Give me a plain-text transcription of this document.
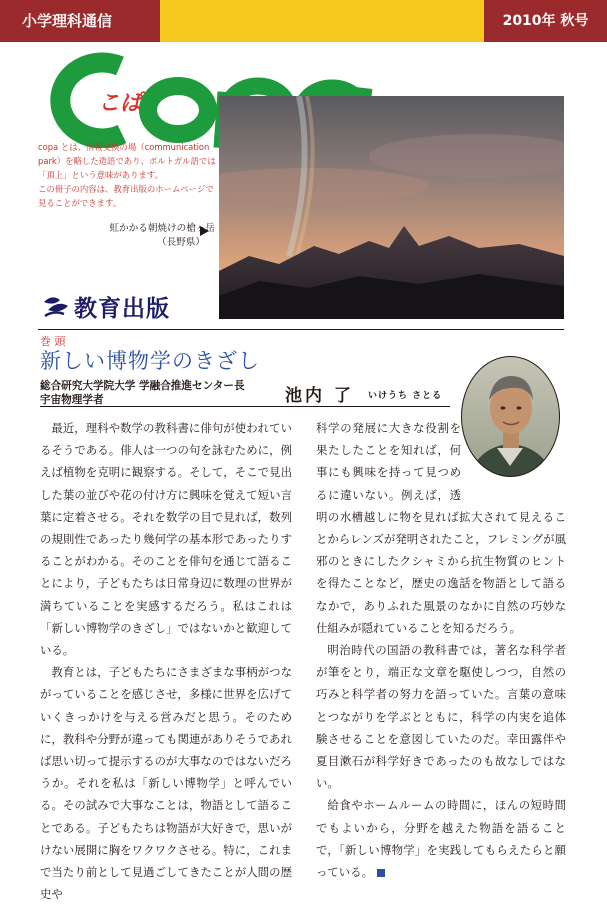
小学理科通信	2010年 秋号
こぱ
copa とは、情報交換の場（communication
park）を略した造語であり、ポルトガル語では
「頂上」という意味があります。
この冊子の内容は、教育出版のホームページで
見ることができます。
虹かかる朝焼けの槍ヶ岳
（長野県）
教育出版
巻 頭
新しい博物学のきざし
総合研究大学院大学 学融合推進センター長
宇宙物理学者	池内 了 いけうち さとる

最近，理科や数学の教科書に俳句が使われているそうである。俳人は一つの句を詠むために，例えば植物を克明に観察する。そして，そこで見出した葉の並びや花の付け方に興味を覚えて短い言葉に定着させる。それを数学の目で見れば，数列の規則性であったり幾何学の基本形であったりすることがわかる。そのことを俳句を通じて語ることにより，子どもたちは日常身辺に数理の世界が満ちていることを実感するだろう。私はこれは「新しい博物学のきざし」ではないかと歓迎している。

教育とは，子どもたちにさまざまな事柄がつながっていることを感じさせ，多様に世界を広げていくきっかけを与える営みだと思う。そのために，教科や分野が違っても関連がありそうであれば思い切って提示するのが大事なのではないだろうか。それを私は「新しい博物学」と呼んでいる。その試みで大事なことは，物語として語ることである。子どもたちは物語が大好きで，思いがけない展開に胸をワクワクさせる。特に，これまで当たり前として見過ごしてきたことが人間の歴史や

科学の発展に大きな役割を果たしたことを知れば，何事にも興味を持って見つめるに違いない。例えば，透明の水槽越しに物を見れば拡大されて見えることからレンズが発明されたこと，フレミングが風邪のときにしたクシャミから抗生物質のヒントを得たことなど，歴史の逸話を物語として語るなかで，ありふれた風景のなかに自然の巧妙な仕組みが隠れていることを知るだろう。

明治時代の国語の教科書では，著名な科学者が筆をとり，端正な文章を駆使しつつ，自然の巧みと科学者の努力を語っていた。言葉の意味とつながりを学ぶとともに，科学の内実を追体験させることを意図していたのだ。幸田露伴や夏目漱石が科学好きであったのも故なしではない。

給食やホームルームの時間に，ほんの短時間でもよいから，分野を越えた物語を語ることで，「新しい博物学」を実践してもらえたらと願っている。
